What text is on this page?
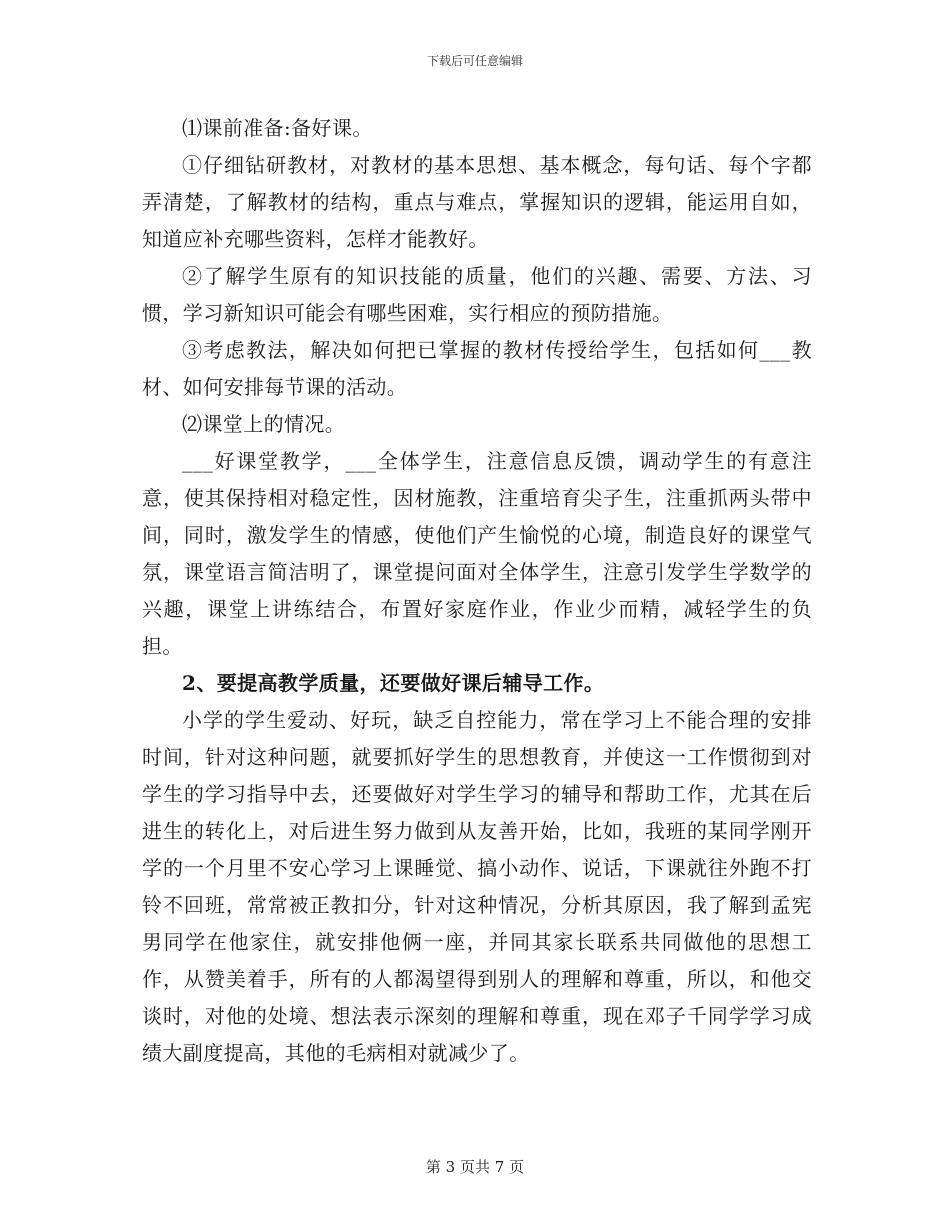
下载后可任意编辑

⑴课前准备:备好课。

①仔细钻研教材，对教材的基本思想、基本概念，每句话、每个字都弄清楚，了解教材的结构，重点与难点，掌握知识的逻辑，能运用自如，知道应补充哪些资料，怎样才能教好。

②了解学生原有的知识技能的质量，他们的兴趣、需要、方法、习惯，学习新知识可能会有哪些困难，实行相应的预防措施。

③考虑教法，解决如何把已掌握的教材传授给学生，包括如何___教材、如何安排每节课的活动。

⑵课堂上的情况。

___好课堂教学，___全体学生，注意信息反馈，调动学生的有意注意，使其保持相对稳定性，因材施教，注重培育尖子生，注重抓两头带中间，同时，激发学生的情感，使他们产生愉悦的心境，制造良好的课堂气氛，课堂语言简洁明了，课堂提问面对全体学生，注意引发学生学数学的兴趣，课堂上讲练结合，布置好家庭作业，作业少而精，减轻学生的负担。

2、要提高教学质量，还要做好课后辅导工作。

小学的学生爱动、好玩，缺乏自控能力，常在学习上不能合理的安排时间，针对这种问题，就要抓好学生的思想教育，并使这一工作惯彻到对学生的学习指导中去，还要做好对学生学习的辅导和帮助工作，尤其在后进生的转化上，对后进生努力做到从友善开始，比如，我班的某同学刚开学的一个月里不安心学习上课睡觉、搞小动作、说话，下课就往外跑不打铃不回班，常常被正教扣分，针对这种情况，分析其原因，我了解到孟宪男同学在他家住，就安排他俩一座，并同其家长联系共同做他的思想工作，从赞美着手，所有的人都渴望得到别人的理解和尊重，所以，和他交谈时，对他的处境、想法表示深刻的理解和尊重，现在邓子千同学学习成绩大副度提高，其他的毛病相对就减少了。

第 3 页共 7 页
